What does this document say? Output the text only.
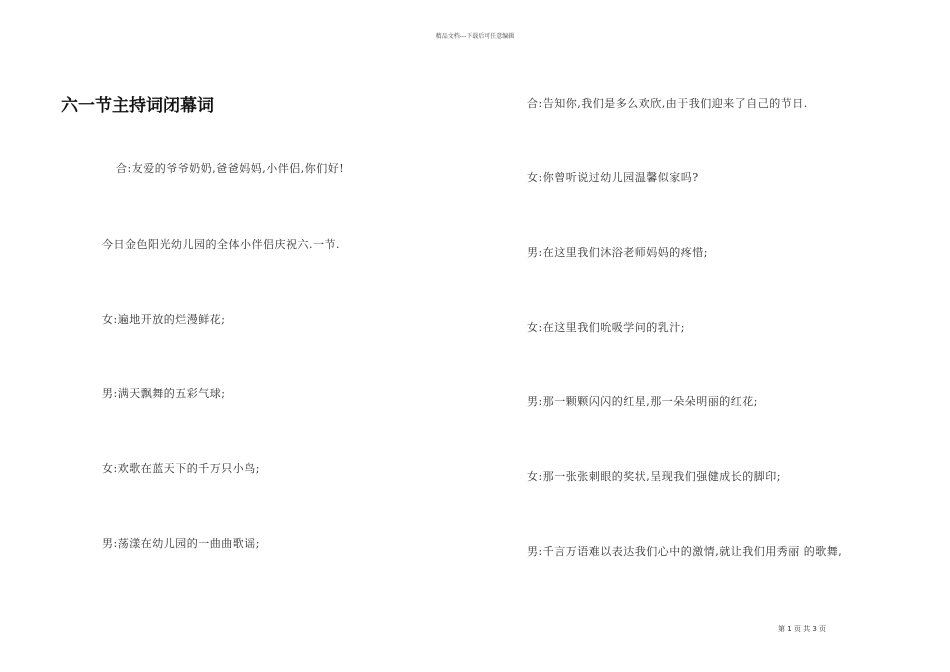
精品文档---下载后可任意编辑
六一节主持词闭幕词
合:友爱的爷爷奶奶,爸爸妈妈,小伴侣,你们好!
今日金色阳光幼儿园的全体小伴侣庆祝六.一节.
女:遍地开放的烂漫鲜花;
男:满天飘舞的五彩气球;
女:欢歌在蓝天下的千万只小鸟;
男:荡漾在幼儿园的一曲曲歌谣;
合:告知你,我们是多么欢欣,由于我们迎来了自己的节日.
女:你曾听说过幼儿园温馨似家吗?
男:在这里我们沐浴老师妈妈的疼惜;
女:在这里我们吮吸学问的乳汁;
男:那一颗颗闪闪的红星,那一朵朵明丽的红花;
女:那一张张刺眼的奖状,呈现我们强健成长的脚印;
男:千言万语难以表达我们心中的激情,就让我们用秀丽 的歌舞,
第 1 页 共 3 页
